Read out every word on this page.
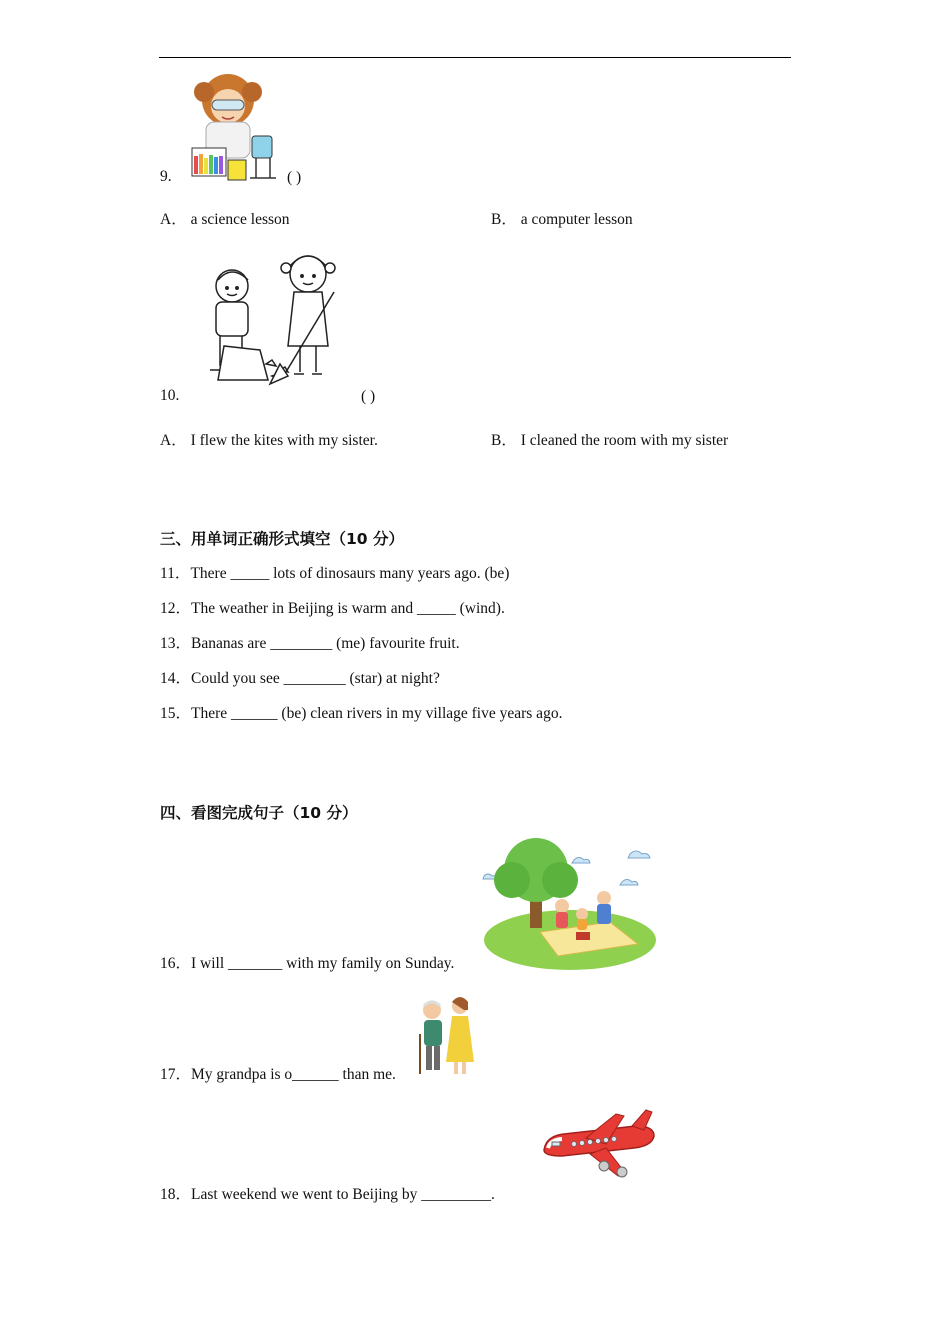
9.	( )
A． a science lesson	B． a computer lesson
10.	( )
A． I flew the kites with my sister.	B． I cleaned the room with my sister
三、用单词正确形式填空（10 分）
11．There _____ lots of dinosaurs many years ago. (be)
12．The weather in Beijing is warm and _____ (wind).
13．Bananas are ________ (me) favourite fruit.
14．Could you see ________ (star) at night?
15．There ______ (be) clean rivers in my village five years ago.
四、看图完成句子（10 分）
16．I will _______ with my family on Sunday.
17．My grandpa is o______ than me.
18．Last weekend we went to Beijing by _________.
